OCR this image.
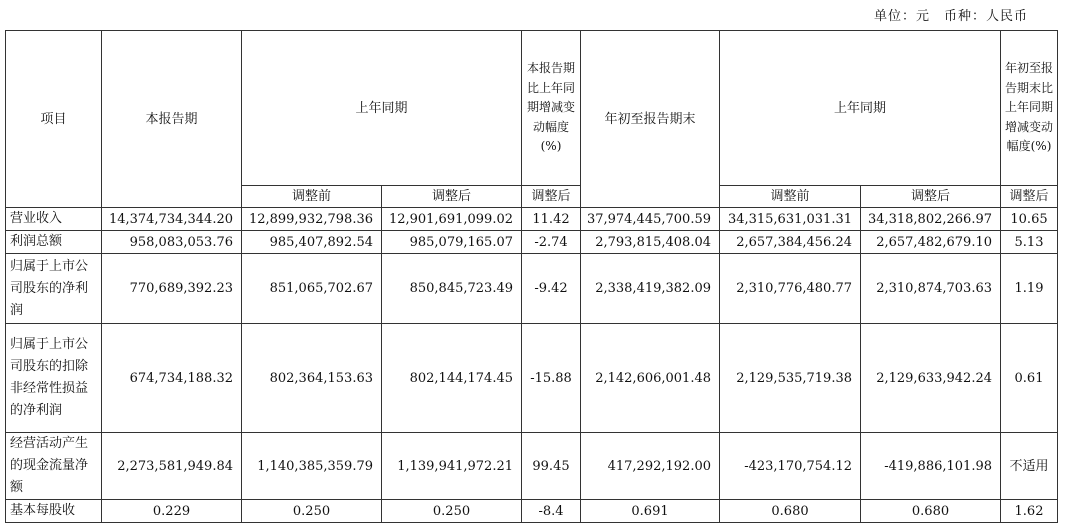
单位：元　币种：人民币
项目	本报告期	上年同期		本报告期比上年同期增减变动幅度(%)	年初至报告期末	上年同期		年初至报告期末比上年同期增减变动幅度(%)
		调整前	调整后	调整后		调整前	调整后	调整后
营业收入	14,374,734,344.20	12,899,932,798.36	12,901,691,099.02	11.42	37,974,445,700.59	34,315,631,031.31	34,318,802,266.97	10.65
利润总额	958,083,053.76	985,407,892.54	985,079,165.07	-2.74	2,793,815,408.04	2,657,384,456.24	2,657,482,679.10	5.13
归属于上市公司股东的净利润	770,689,392.23	851,065,702.67	850,845,723.49	-9.42	2,338,419,382.09	2,310,776,480.77	2,310,874,703.63	1.19
归属于上市公司股东的扣除非经常性损益的净利润	674,734,188.32	802,364,153.63	802,144,174.45	-15.88	2,142,606,001.48	2,129,535,719.38	2,129,633,942.24	0.61
经营活动产生的现金流量净额	2,273,581,949.84	1,140,385,359.79	1,139,941,972.21	99.45	417,292,192.00	-423,170,754.12	-419,886,101.98	不适用
基本每股收	0.229	0.250	0.250	-8.4	0.691	0.680	0.680	1.62
